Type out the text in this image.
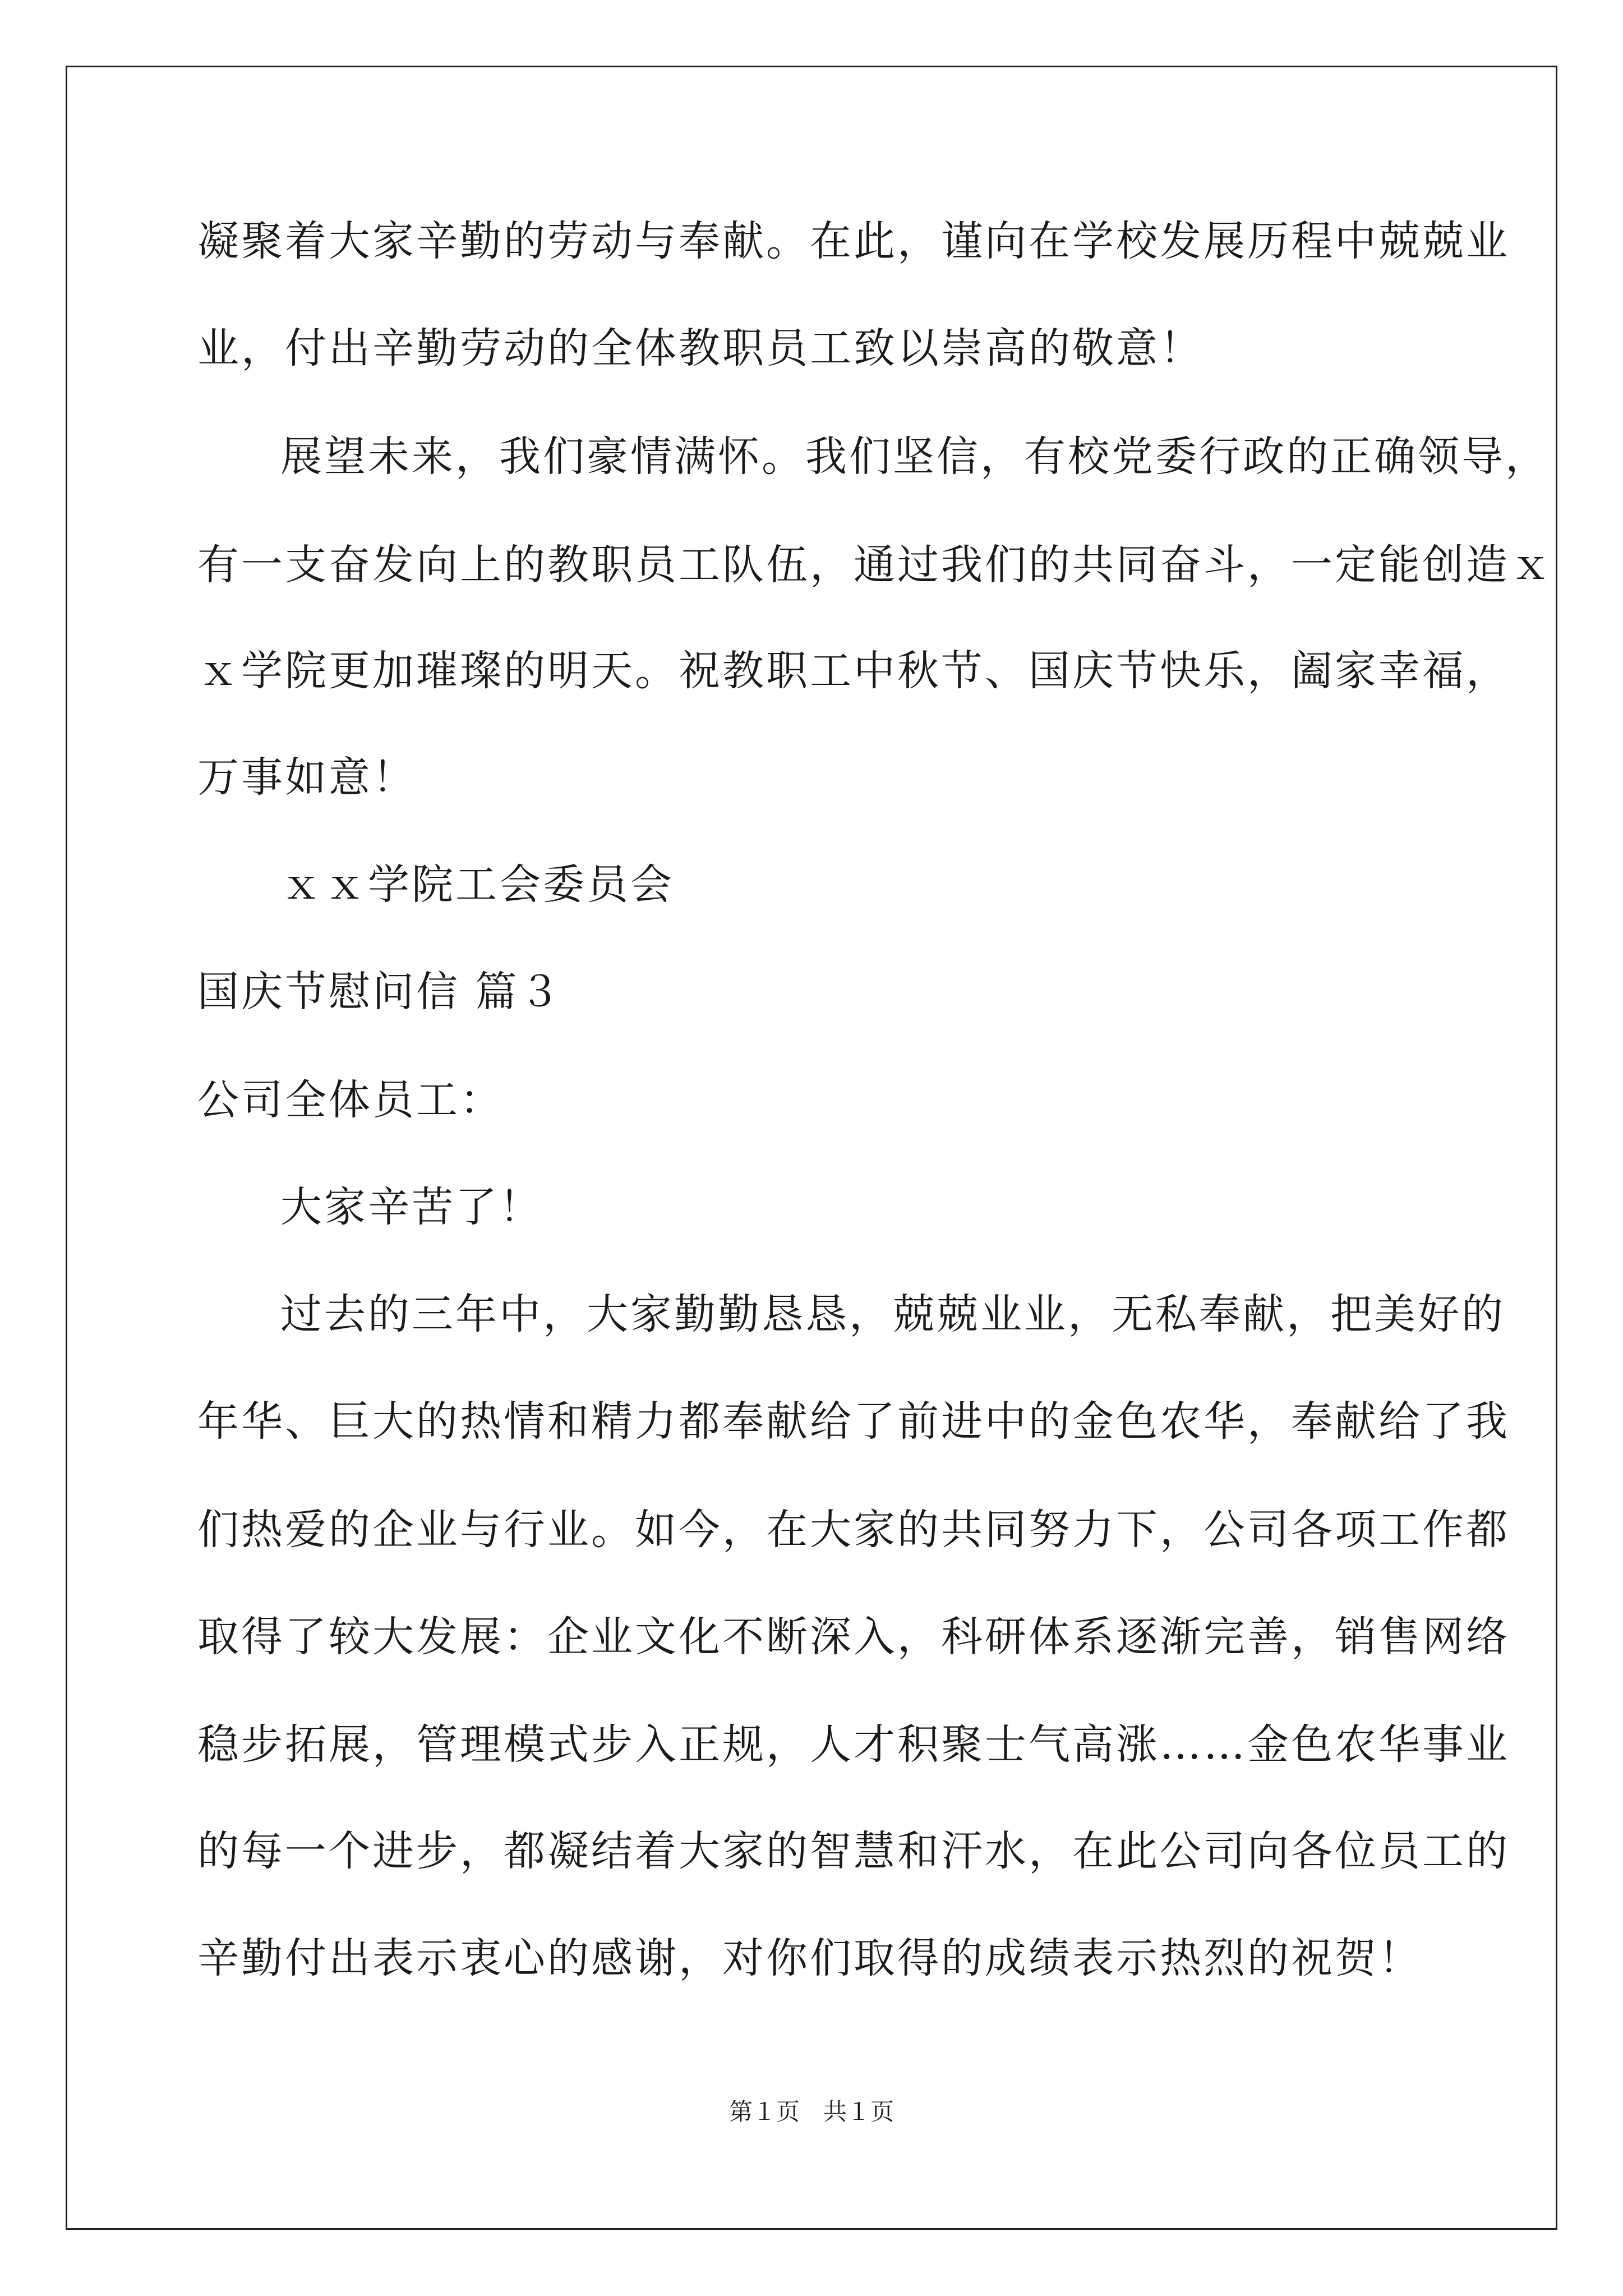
凝聚着大家辛勤的劳动与奉献。在此，谨向在学校发展历程中兢兢业
业，付出辛勤劳动的全体教职员工致以崇高的敬意！
展望未来，我们豪情满怀。我们坚信，有校党委行政的正确领导，
有一支奋发向上的教职员工队伍，通过我们的共同奋斗，一定能创造ｘ
ｘ学院更加璀璨的明天。祝教职工中秋节、国庆节快乐，阖家幸福，
万事如意！
ｘｘ学院工会委员会
国庆节慰问信 篇３
公司全体员工：
大家辛苦了！
过去的三年中，大家勤勤恳恳，兢兢业业，无私奉献，把美好的
年华、巨大的热情和精力都奉献给了前进中的金色农华，奉献给了我
们热爱的企业与行业。如今，在大家的共同努力下，公司各项工作都
取得了较大发展：企业文化不断深入，科研体系逐渐完善，销售网络
稳步拓展，管理模式步入正规，人才积聚士气高涨……金色农华事业
的每一个进步，都凝结着大家的智慧和汗水，在此公司向各位员工的
辛勤付出表示衷心的感谢，对你们取得的成绩表示热烈的祝贺！
第１页　共１页
